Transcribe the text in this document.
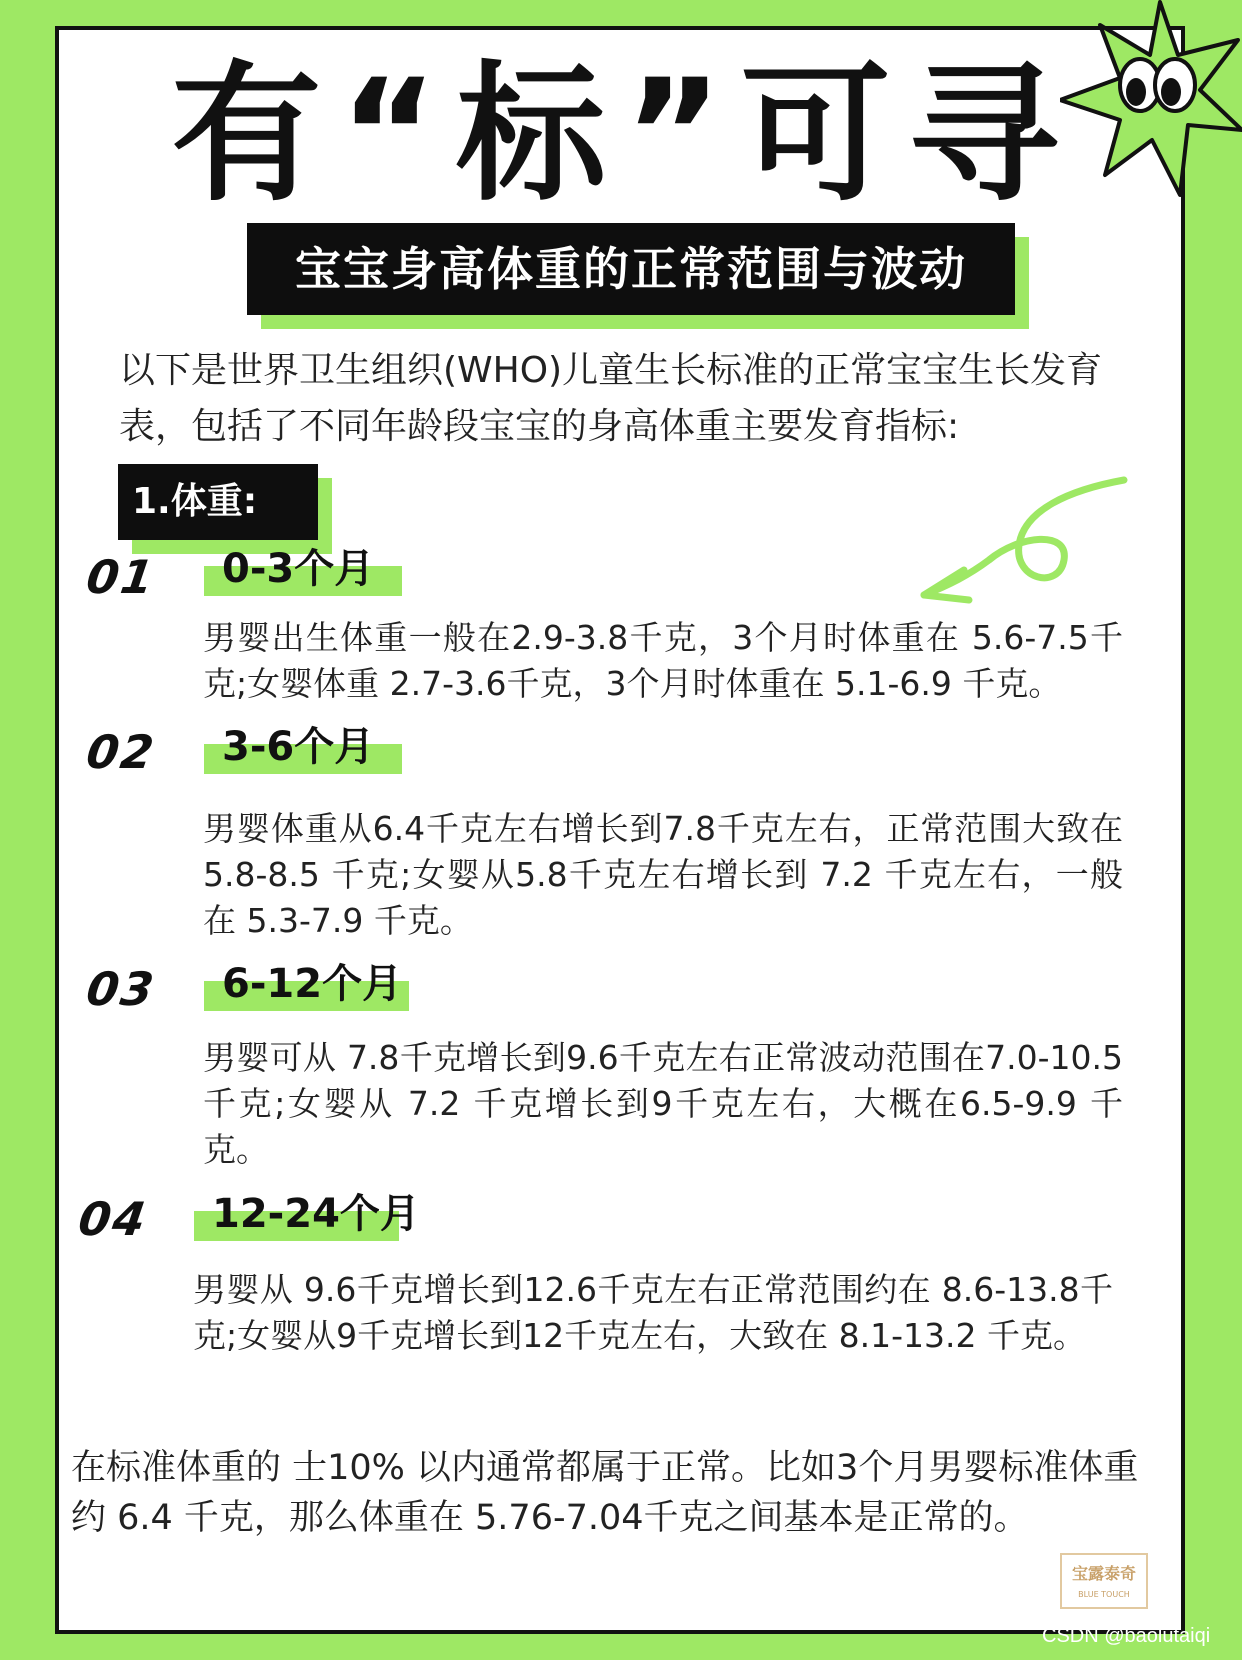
有“标”可寻
宝宝身高体重的正常范围与波动
以下是世界卫生组织(WHO)儿童生长标准的正常宝宝生长发育表，包括了不同年龄段宝宝的身高体重主要发育指标:
1.体重:
01	0-3个月
男婴出生体重一般在2.9-3.8千克，3个月时体重在 5.6-7.5千克;女婴体重 2.7-3.6千克，3个月时体重在 5.1-6.9 千克。
02	3-6个月
男婴体重从6.4千克左右增长到7.8千克左右，正常范围大致在5.8-8.5 千克;女婴从5.8千克左右增长到 7.2 千克左右，一般在 5.3-7.9 千克。
03	6-12个月
男婴可从 7.8千克增长到9.6千克左右正常波动范围在7.0-10.5 千克;女婴从 7.2 千克增长到9千克左右，大概在6.5-9.9 千克。
04	12-24个月
男婴从 9.6千克增长到12.6千克左右正常范围约在 8.6-13.8千克;女婴从9千克增长到12千克左右，大致在 8.1-13.2 千克。
在标准体重的 士10% 以内通常都属于正常。比如3个月男婴标准体重约 6.4 千克，那么体重在 5.76-7.04千克之间基本是正常的。
宝露泰奇
BLUE TOUCH
CSDN @baolutaiqi
